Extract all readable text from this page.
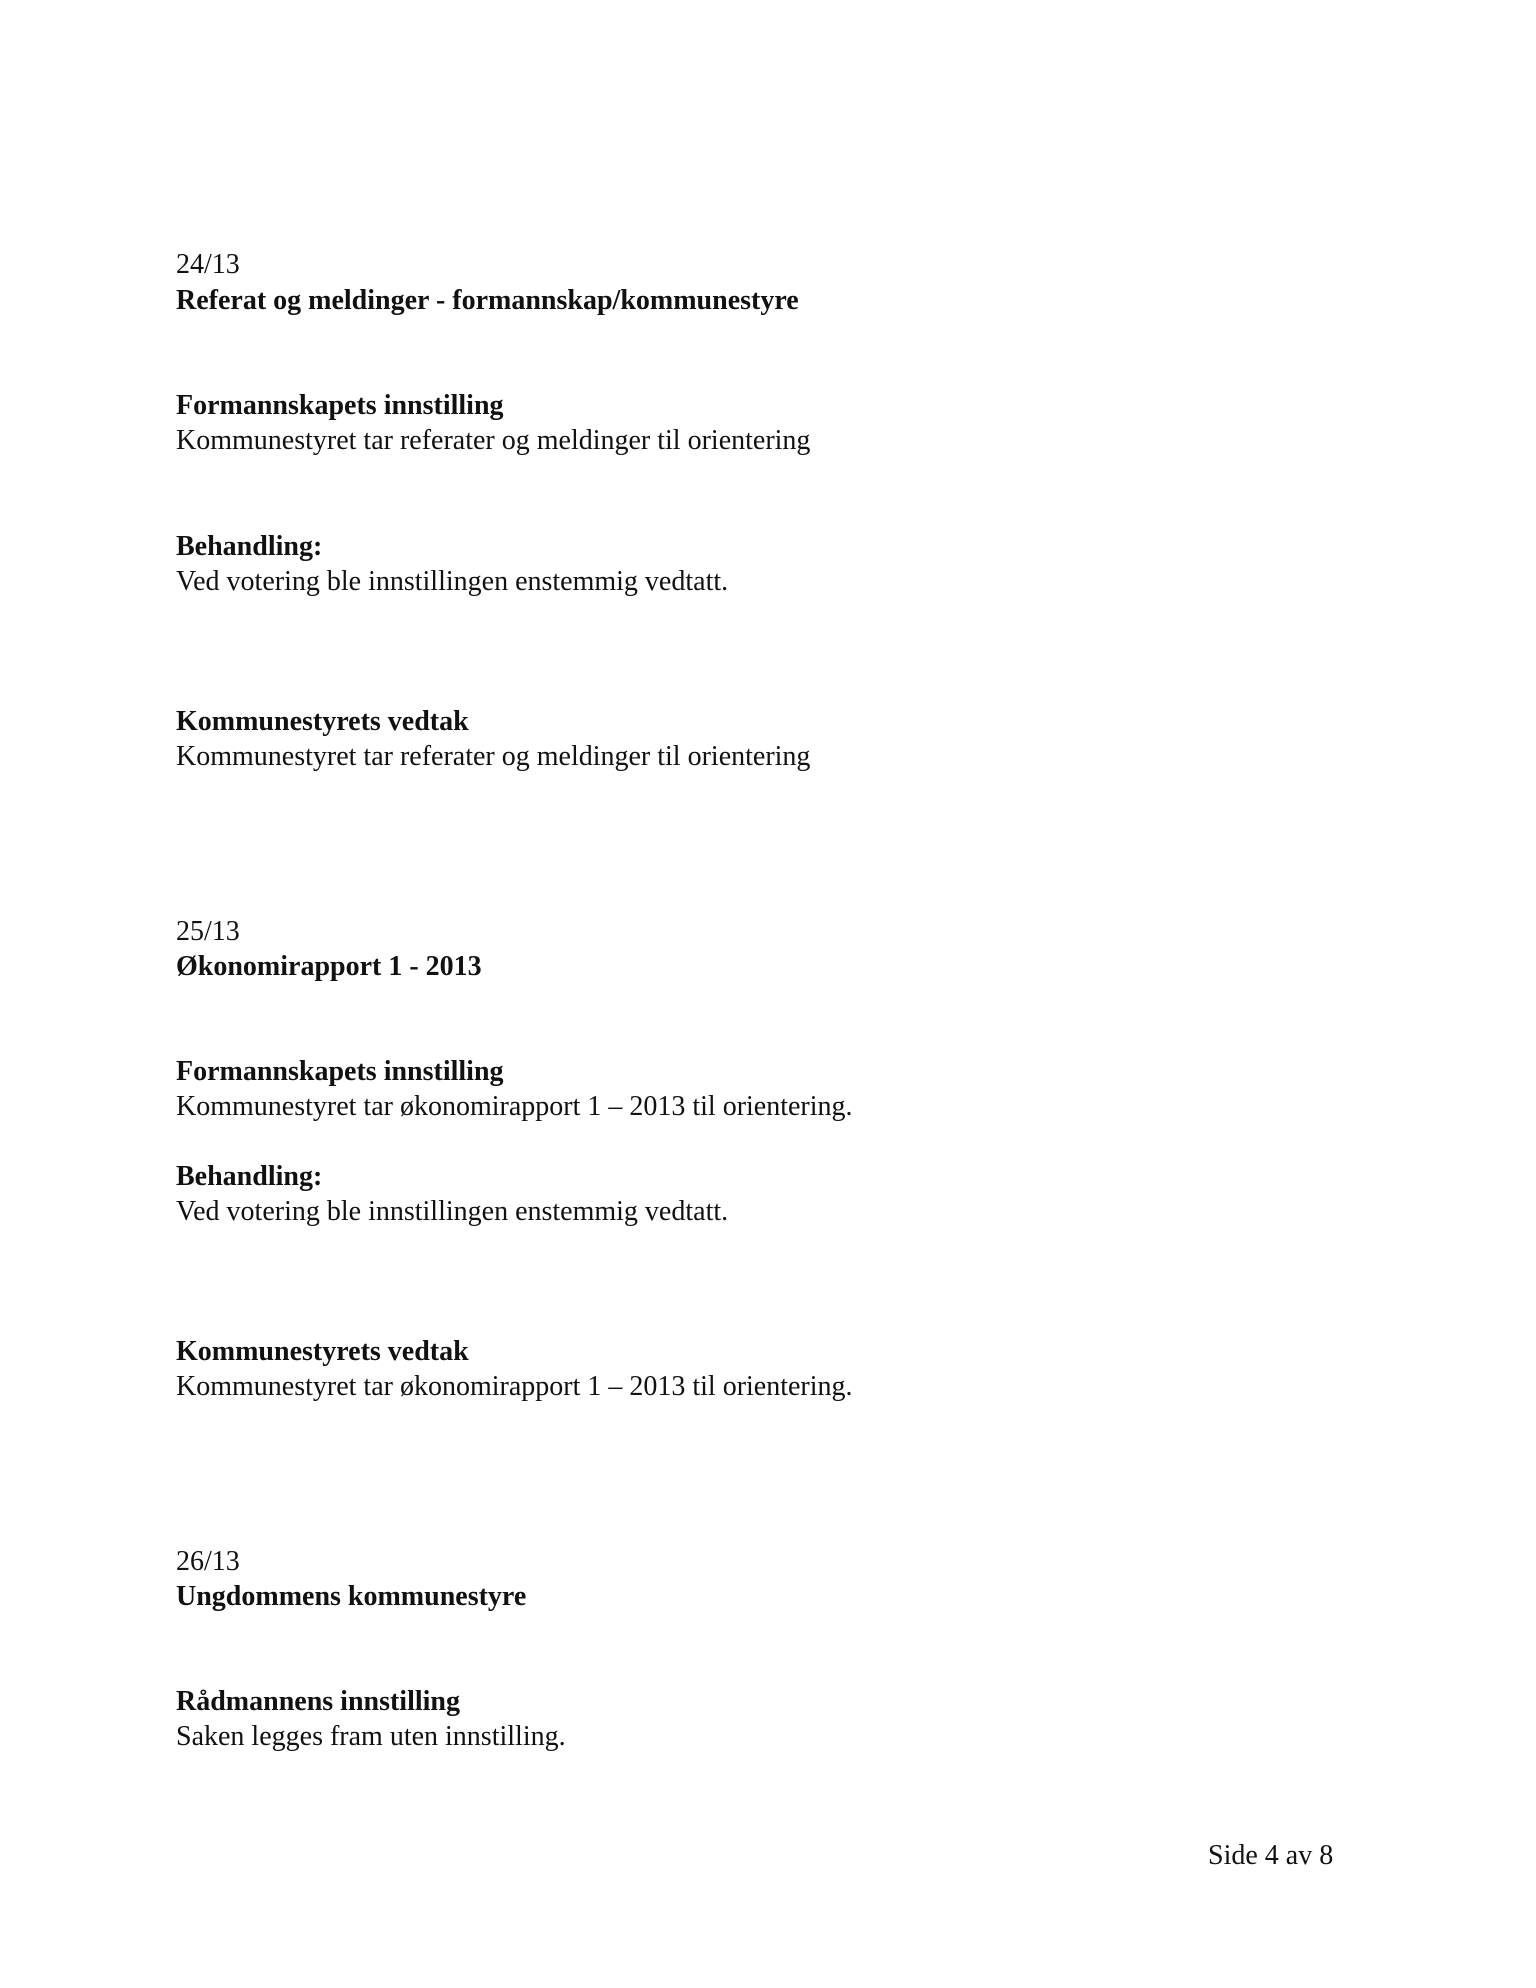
24/13
Referat og meldinger - formannskap/kommunestyre
Formannskapets innstilling
Kommunestyret tar referater og meldinger til orientering
Behandling:
Ved votering ble innstillingen enstemmig vedtatt.
Kommunestyrets vedtak
Kommunestyret tar referater og meldinger til orientering
25/13
Økonomirapport 1 - 2013
Formannskapets innstilling
Kommunestyret tar økonomirapport 1 – 2013 til orientering.
Behandling:
Ved votering ble innstillingen enstemmig vedtatt.
Kommunestyrets vedtak
Kommunestyret tar økonomirapport 1 – 2013 til orientering.
26/13
Ungdommens kommunestyre
Rådmannens innstilling
Saken legges fram uten innstilling.
Side 4 av 8
